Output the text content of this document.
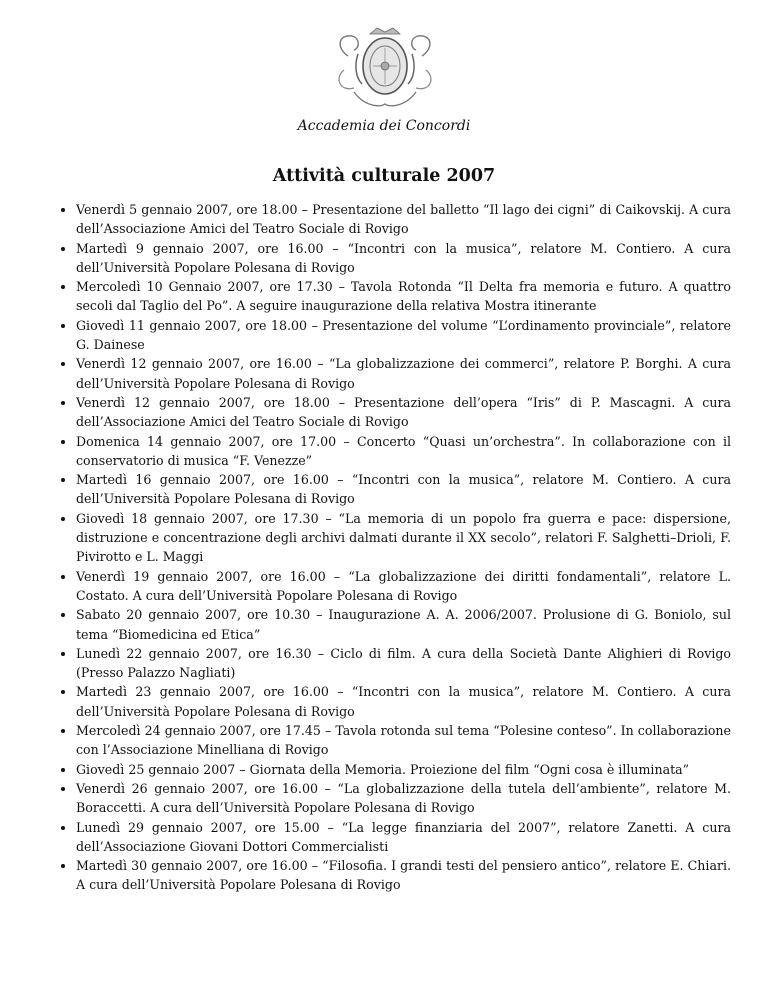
Accademia dei Concordi
Attività culturale 2007
• Venerdì 5 gennaio 2007, ore 18.00 – Presentazione del balletto “Il lago dei cigni” di Caikovskij. A cura dell’Associazione Amici del Teatro Sociale di Rovigo
• Martedì 9 gennaio 2007, ore 16.00 – “Incontri con la musica”, relatore M. Contiero. A cura dell’Università Popolare Polesana di Rovigo
• Mercoledì 10 Gennaio 2007, ore 17.30 – Tavola Rotonda “Il Delta fra memoria e futuro. A quattro secoli dal Taglio del Po”. A seguire inaugurazione della relativa Mostra itinerante
• Giovedì 11 gennaio 2007, ore 18.00 – Presentazione del volume “L’ordinamento provinciale”, relatore G. Dainese
• Venerdì 12 gennaio 2007, ore 16.00 – “La globalizzazione dei commerci”, relatore P. Borghi. A cura dell’Università Popolare Polesana di Rovigo
• Venerdì 12 gennaio 2007, ore 18.00 – Presentazione dell’opera “Iris” di P. Mascagni. A cura dell’Associazione Amici del Teatro Sociale di Rovigo
• Domenica 14 gennaio 2007, ore 17.00 – Concerto “Quasi un’orchestra”. In collaborazione con il conservatorio di musica “F. Venezze”
• Martedì 16 gennaio 2007, ore 16.00 – “Incontri con la musica”, relatore M. Contiero. A cura dell’Università Popolare Polesana di Rovigo
• Giovedì 18 gennaio 2007, ore 17.30 – “La memoria di un popolo fra guerra e pace: dispersione, distruzione e concentrazione degli archivi dalmati durante il XX secolo”, relatori F. Salghetti–Drioli, F. Pivirotto e L. Maggi
• Venerdì 19 gennaio 2007, ore 16.00 – “La globalizzazione dei diritti fondamentali”, relatore L. Costato. A cura dell’Università Popolare Polesana di Rovigo
• Sabato 20 gennaio 2007, ore 10.30 – Inaugurazione A. A. 2006/2007. Prolusione di G. Boniolo, sul tema “Biomedicina ed Etica”
• Lunedì 22 gennaio 2007, ore 16.30 – Ciclo di film. A cura della Società Dante Alighieri di Rovigo (Presso Palazzo Nagliati)
• Martedì 23 gennaio 2007, ore 16.00 – “Incontri con la musica”, relatore M. Contiero. A cura dell’Università Popolare Polesana di Rovigo
• Mercoledì 24 gennaio 2007, ore 17.45 – Tavola rotonda sul tema “Polesine conteso”. In collaborazione con l’Associazione Minelliana di Rovigo
• Giovedì 25 gennaio 2007 – Giornata della Memoria. Proiezione del film “Ogni cosa è illuminata”
• Venerdì 26 gennaio 2007, ore 16.00 – “La globalizzazione della tutela dell’ambiente”, relatore M. Boraccetti. A cura dell’Università Popolare Polesana di Rovigo
• Lunedì 29 gennaio 2007, ore 15.00 – “La legge finanziaria del 2007”, relatore Zanetti. A cura dell’Associazione Giovani Dottori Commercialisti
• Martedì 30 gennaio 2007, ore 16.00 – “Filosofia. I grandi testi del pensiero antico”, relatore E. Chiari. A cura dell’Università Popolare Polesana di Rovigo
